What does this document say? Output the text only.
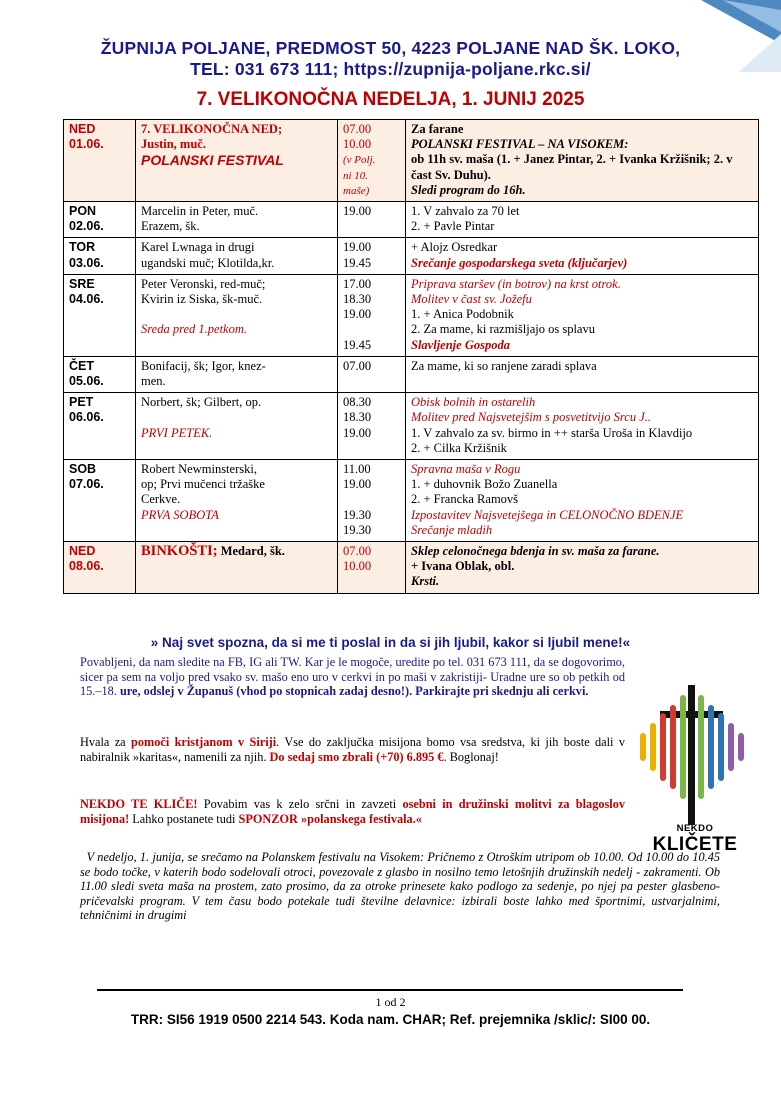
ŽUPNIJA POLJANE, PREDMOST 50, 4223 POLJANE NAD ŠK. LOKO,
TEL: 031 673 111; https://zupnija-poljane.rkc.si/
7. VELIKONOČNA NEDELJA, 1. JUNIJ 2025
NED
01.06.	7. VELIKONOČNA NED;
Justin, muč.
POLANSKI FESTIVAL	07.00
10.00
(v Polj.
ni 10.
maše)	Za farane
POLANSKI FESTIVAL – NA VISOKEM:
ob 11h sv. maša (1. + Janez Pintar, 2. + Ivanka Kržišnik; 2. v čast Sv. Duhu).
Sledi program do 16h.
PON
02.06.	Marcelin in Peter, muč.
Erazem, šk.	19.00	1. V zahvalo za 70 let
2. + Pavle Pintar
TOR
03.06.	Karel Lwnaga in drugi
ugandski muč; Klotilda,kr.	19.00
19.45	+ Alojz Osredkar
Srečanje gospodarskega sveta (ključarjev)
SRE
04.06.	Peter Veronski, red-muč;
Kvirin iz Siska, šk-muč.

Sreda pred 1.petkom.	17.00
18.30
19.00

19.45	Priprava staršev (in botrov) na krst otrok.
Molitev v čast sv. Jožefu
1. + Anica Podobnik
2. Za mame, ki razmišljajo os splavu
Slavljenje Gospoda
ČET
05.06.	Bonifacij, šk; Igor, knez-
men.	07.00	Za mame, ki so ranjene zaradi splava
PET
06.06.	Norbert, šk; Gilbert, op.

PRVI PETEK.	08.30
18.30
19.00	Obisk bolnih in ostarelih
Molitev pred Najsvetejšim s posvetitvijo Srcu J..

1. V zahvalo za sv. birmo in ++ starša Uroša in Klavdijo
2. + Cilka Kržišnik
SOB
07.06.	Robert Newminsterski,
op; Prvi mučenci tržaške
Cerkve.
PRVA SOBOTA	11.00
19.00

19.30
19.30	Spravna maša v Rogu
1. + duhovnik Božo Zuanella
2. + Francka Ramovš
Izpostavitev Najsvetejšega in CELONOČNO BDENJE
Srečanje mladih
NED
08.06.	BINKOŠTI; Medard, šk.	07.00
10.00	Sklep celonočnega bdenja in sv. maša za farane.
+ Ivana Oblak, obl.
Krsti.
» Naj svet spozna, da si me ti poslal in da si jih ljubil, kakor si ljubil mene!«
Povabljeni, da nam sledite na FB, IG ali TW. Kar je le mogoče, uredite po tel. 031 673 111, da se dogovorimo, sicer pa sem na voljo pred vsako sv. mašo eno uro v cerkvi in po maši v zakristiji- Uradne ure so ob petkih od 15.–18. ure, odslej v Županuš (vhod po stopnicah zadaj desno!). Parkirajte pri skednju ali cerkvi.
Hvala za pomoči kristjanom v Siriji. Vse do zaključka misijona bomo vsa sredstva, ki jih boste dali v nabiralnik »karitas«, namenili za njih. Do sedaj smo zbrali (+70) 6.895 €. Boglonaj!
NEKDO TE KLIČE! Povabim vas k zelo srčni in zavzeti osebni in družinski molitvi za blagoslov misijona! Lahko postanete tudi SPONZOR »polanskega festivala.«
V nedeljo, 1. junija, se srečamo na Polanskem festivalu na Visokem: Pričnemo z Otroškim utripom ob 10.00. Od 10.00 do 10.45 se bodo točke, v katerih bodo sodelovali otroci, povezovale z glasbo in nosilno temo letošnjih družinskih nedelj - zakramenti. Ob 11.00 sledi sveta maša na prostem, zato prosimo, da za otroke prinesete kako podlogo za sedenje, po njej pa pester glasbeno-pričevalski program. V tem času bodo potekale tudi številne delavnice: izbirali boste lahko med športnimi, ustvarjalnimi, tehničnimi in drugimi
NEKDO
KLIČETE
1 od 2
TRR: SI56 1919 0500 2214 543. Koda nam. CHAR; Ref. prejemnika /sklic/: SI00 00.
